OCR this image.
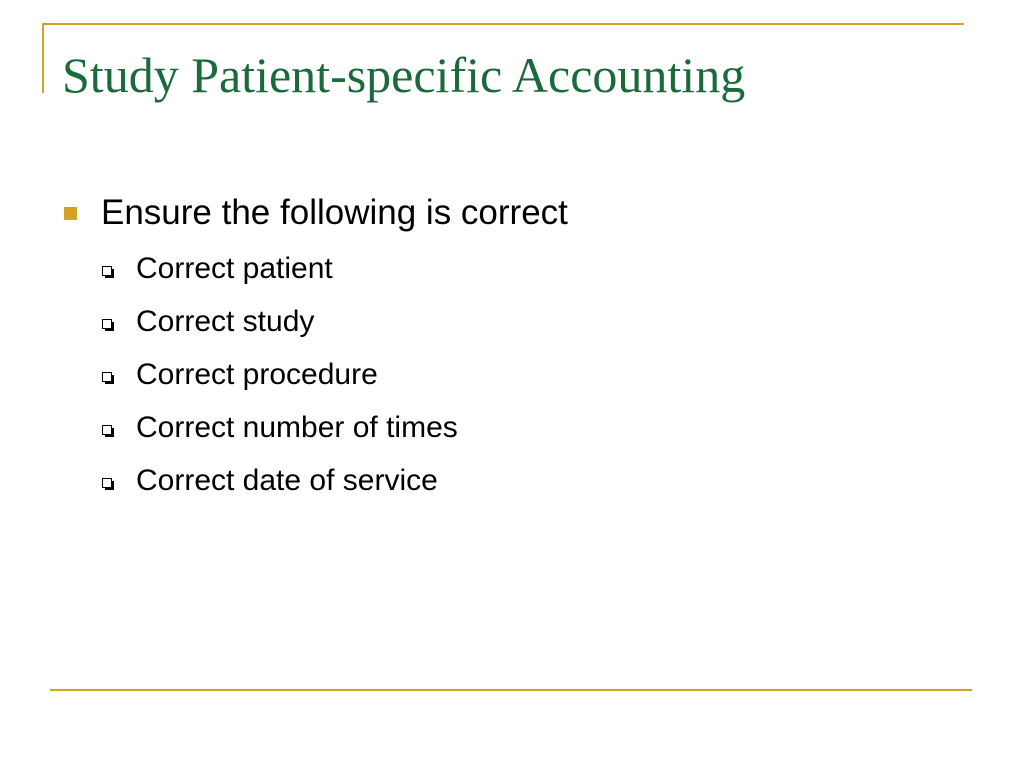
Study Patient-specific Accounting
Ensure the following is correct
Correct patient
Correct study
Correct procedure
Correct number of times
Correct date of service
